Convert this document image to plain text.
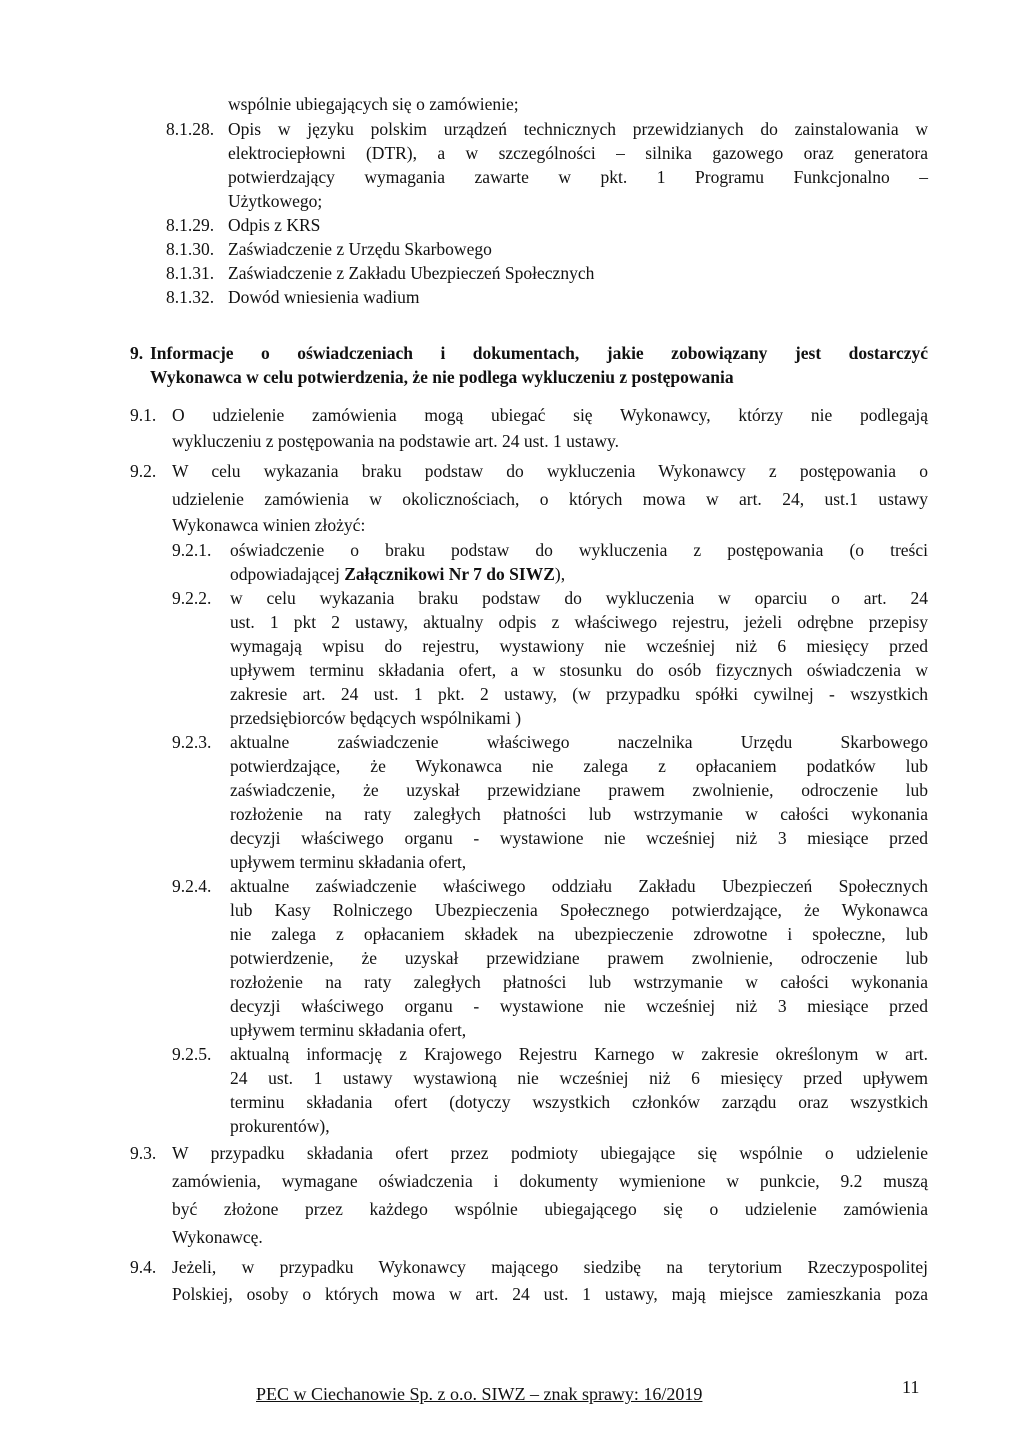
wspólnie ubiegających się o zamówienie;
8.1.28. Opis w języku polskim urządzeń technicznych przewidzianych do zainstalowania w
elektrociepłowni (DTR), a w szczególności – silnika gazowego oraz generatora
potwierdzający wymagania zawarte w pkt. 1 Programu Funkcjonalno –
Użytkowego;
8.1.29. Odpis z KRS
8.1.30. Zaświadczenie z Urzędu Skarbowego
8.1.31. Zaświadczenie z Zakładu Ubezpieczeń Społecznych
8.1.32. Dowód wniesienia wadium
9. Informacje o oświadczeniach i dokumentach, jakie zobowiązany jest dostarczyć
Wykonawca w celu potwierdzenia, że nie podlega wykluczeniu z postępowania
9.1. O udzielenie zamówienia mogą ubiegać się Wykonawcy, którzy nie podlegają
wykluczeniu z postępowania na podstawie art. 24 ust. 1 ustawy.
9.2. W celu wykazania braku podstaw do wykluczenia Wykonawcy z postępowania o
udzielenie zamówienia w okolicznościach, o których mowa w art. 24, ust.1 ustawy
Wykonawca winien złożyć:
9.2.1. oświadczenie o braku podstaw do wykluczenia z postępowania (o treści
odpowiadającej Załącznikowi Nr 7 do SIWZ),
9.2.2. w celu wykazania braku podstaw do wykluczenia w oparciu o art. 24
ust. 1 pkt 2 ustawy, aktualny odpis z właściwego rejestru, jeżeli odrębne przepisy
wymagają wpisu do rejestru, wystawiony nie wcześniej niż 6 miesięcy przed
upływem terminu składania ofert, a w stosunku do osób fizycznych oświadczenia w
zakresie art. 24 ust. 1 pkt. 2 ustawy, (w przypadku spółki cywilnej - wszystkich
przedsiębiorców będących wspólnikami )
9.2.3. aktualne zaświadczenie właściwego naczelnika Urzędu Skarbowego
potwierdzające, że Wykonawca nie zalega z opłacaniem podatków lub
zaświadczenie, że uzyskał przewidziane prawem zwolnienie, odroczenie lub
rozłożenie na raty zaległych płatności lub wstrzymanie w całości wykonania
decyzji właściwego organu - wystawione nie wcześniej niż 3 miesiące przed
upływem terminu składania ofert,
9.2.4. aktualne zaświadczenie właściwego oddziału Zakładu Ubezpieczeń Społecznych
lub Kasy Rolniczego Ubezpieczenia Społecznego potwierdzające, że Wykonawca
nie zalega z opłacaniem składek na ubezpieczenie zdrowotne i społeczne, lub
potwierdzenie, że uzyskał przewidziane prawem zwolnienie, odroczenie lub
rozłożenie na raty zaległych płatności lub wstrzymanie w całości wykonania
decyzji właściwego organu - wystawione nie wcześniej niż 3 miesiące przed
upływem terminu składania ofert,
9.2.5. aktualną informację z Krajowego Rejestru Karnego w zakresie określonym w art.
24 ust. 1 ustawy wystawioną nie wcześniej niż 6 miesięcy przed upływem
terminu składania ofert (dotyczy wszystkich członków zarządu oraz wszystkich
prokurentów),
9.3. W przypadku składania ofert przez podmioty ubiegające się wspólnie o udzielenie
zamówienia, wymagane oświadczenia i dokumenty wymienione w punkcie, 9.2 muszą
być złożone przez każdego wspólnie ubiegającego się o udzielenie zamówienia
Wykonawcę.
9.4. Jeżeli, w przypadku Wykonawcy mającego siedzibę na terytorium Rzeczypospolitej
Polskiej, osoby o których mowa w art. 24 ust. 1 ustawy, mają miejsce zamieszkania poza
PEC w Ciechanowie Sp. z o.o. SIWZ – znak sprawy: 16/2019	11
